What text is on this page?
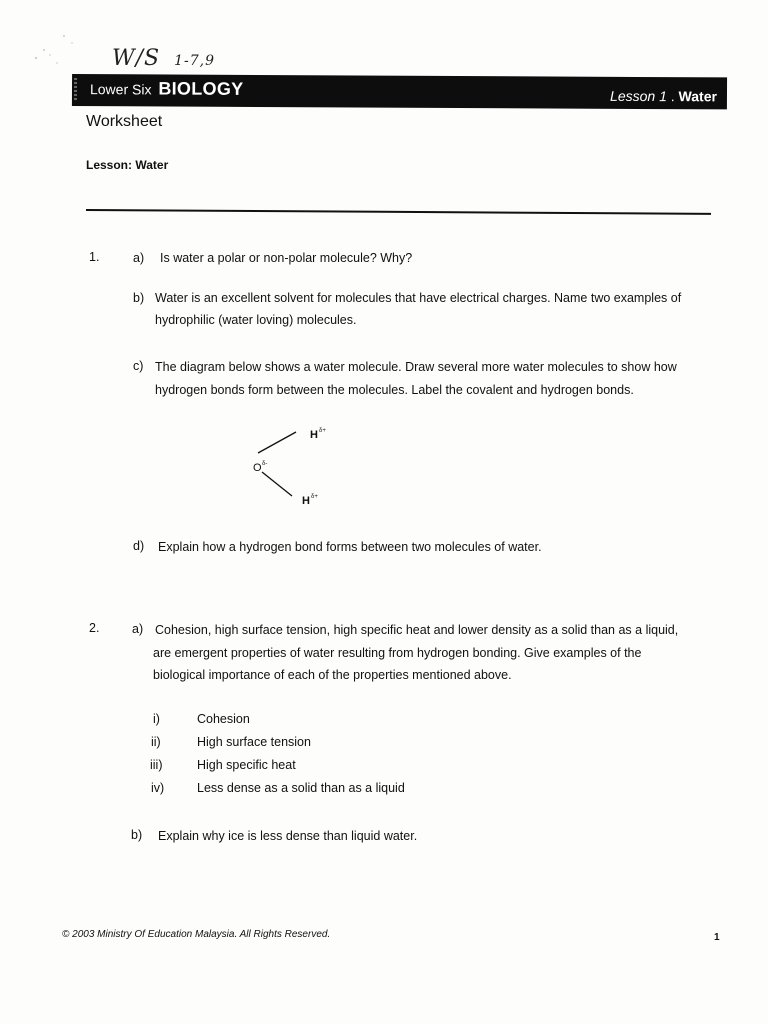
W/S 1-7,9
Lower Six BIOLOGY	Lesson 1 . Water
Worksheet
Lesson: Water
1.	a) Is water a polar or non-polar molecule? Why?
b) Water is an excellent solvent for molecules that have electrical charges. Name two examples of
hydrophilic (water loving) molecules.
c) The diagram below shows a water molecule. Draw several more water molecules to show how
hydrogen bonds form between the molecules. Label the covalent and hydrogen bonds.
H δ+
O δ-
H δ+
d) Explain how a hydrogen bond forms between two molecules of water.
2.	a) Cohesion, high surface tension, high specific heat and lower density as a solid than as a liquid,
are emergent properties of water resulting from hydrogen bonding. Give examples of the
biological importance of each of the properties mentioned above.
i)	Cohesion
ii)	High surface tension
iii)	High specific heat
iv)	Less dense as a solid than as a liquid
b) Explain why ice is less dense than liquid water.
© 2003 Ministry Of Education Malaysia. All Rights Reserved.	1
